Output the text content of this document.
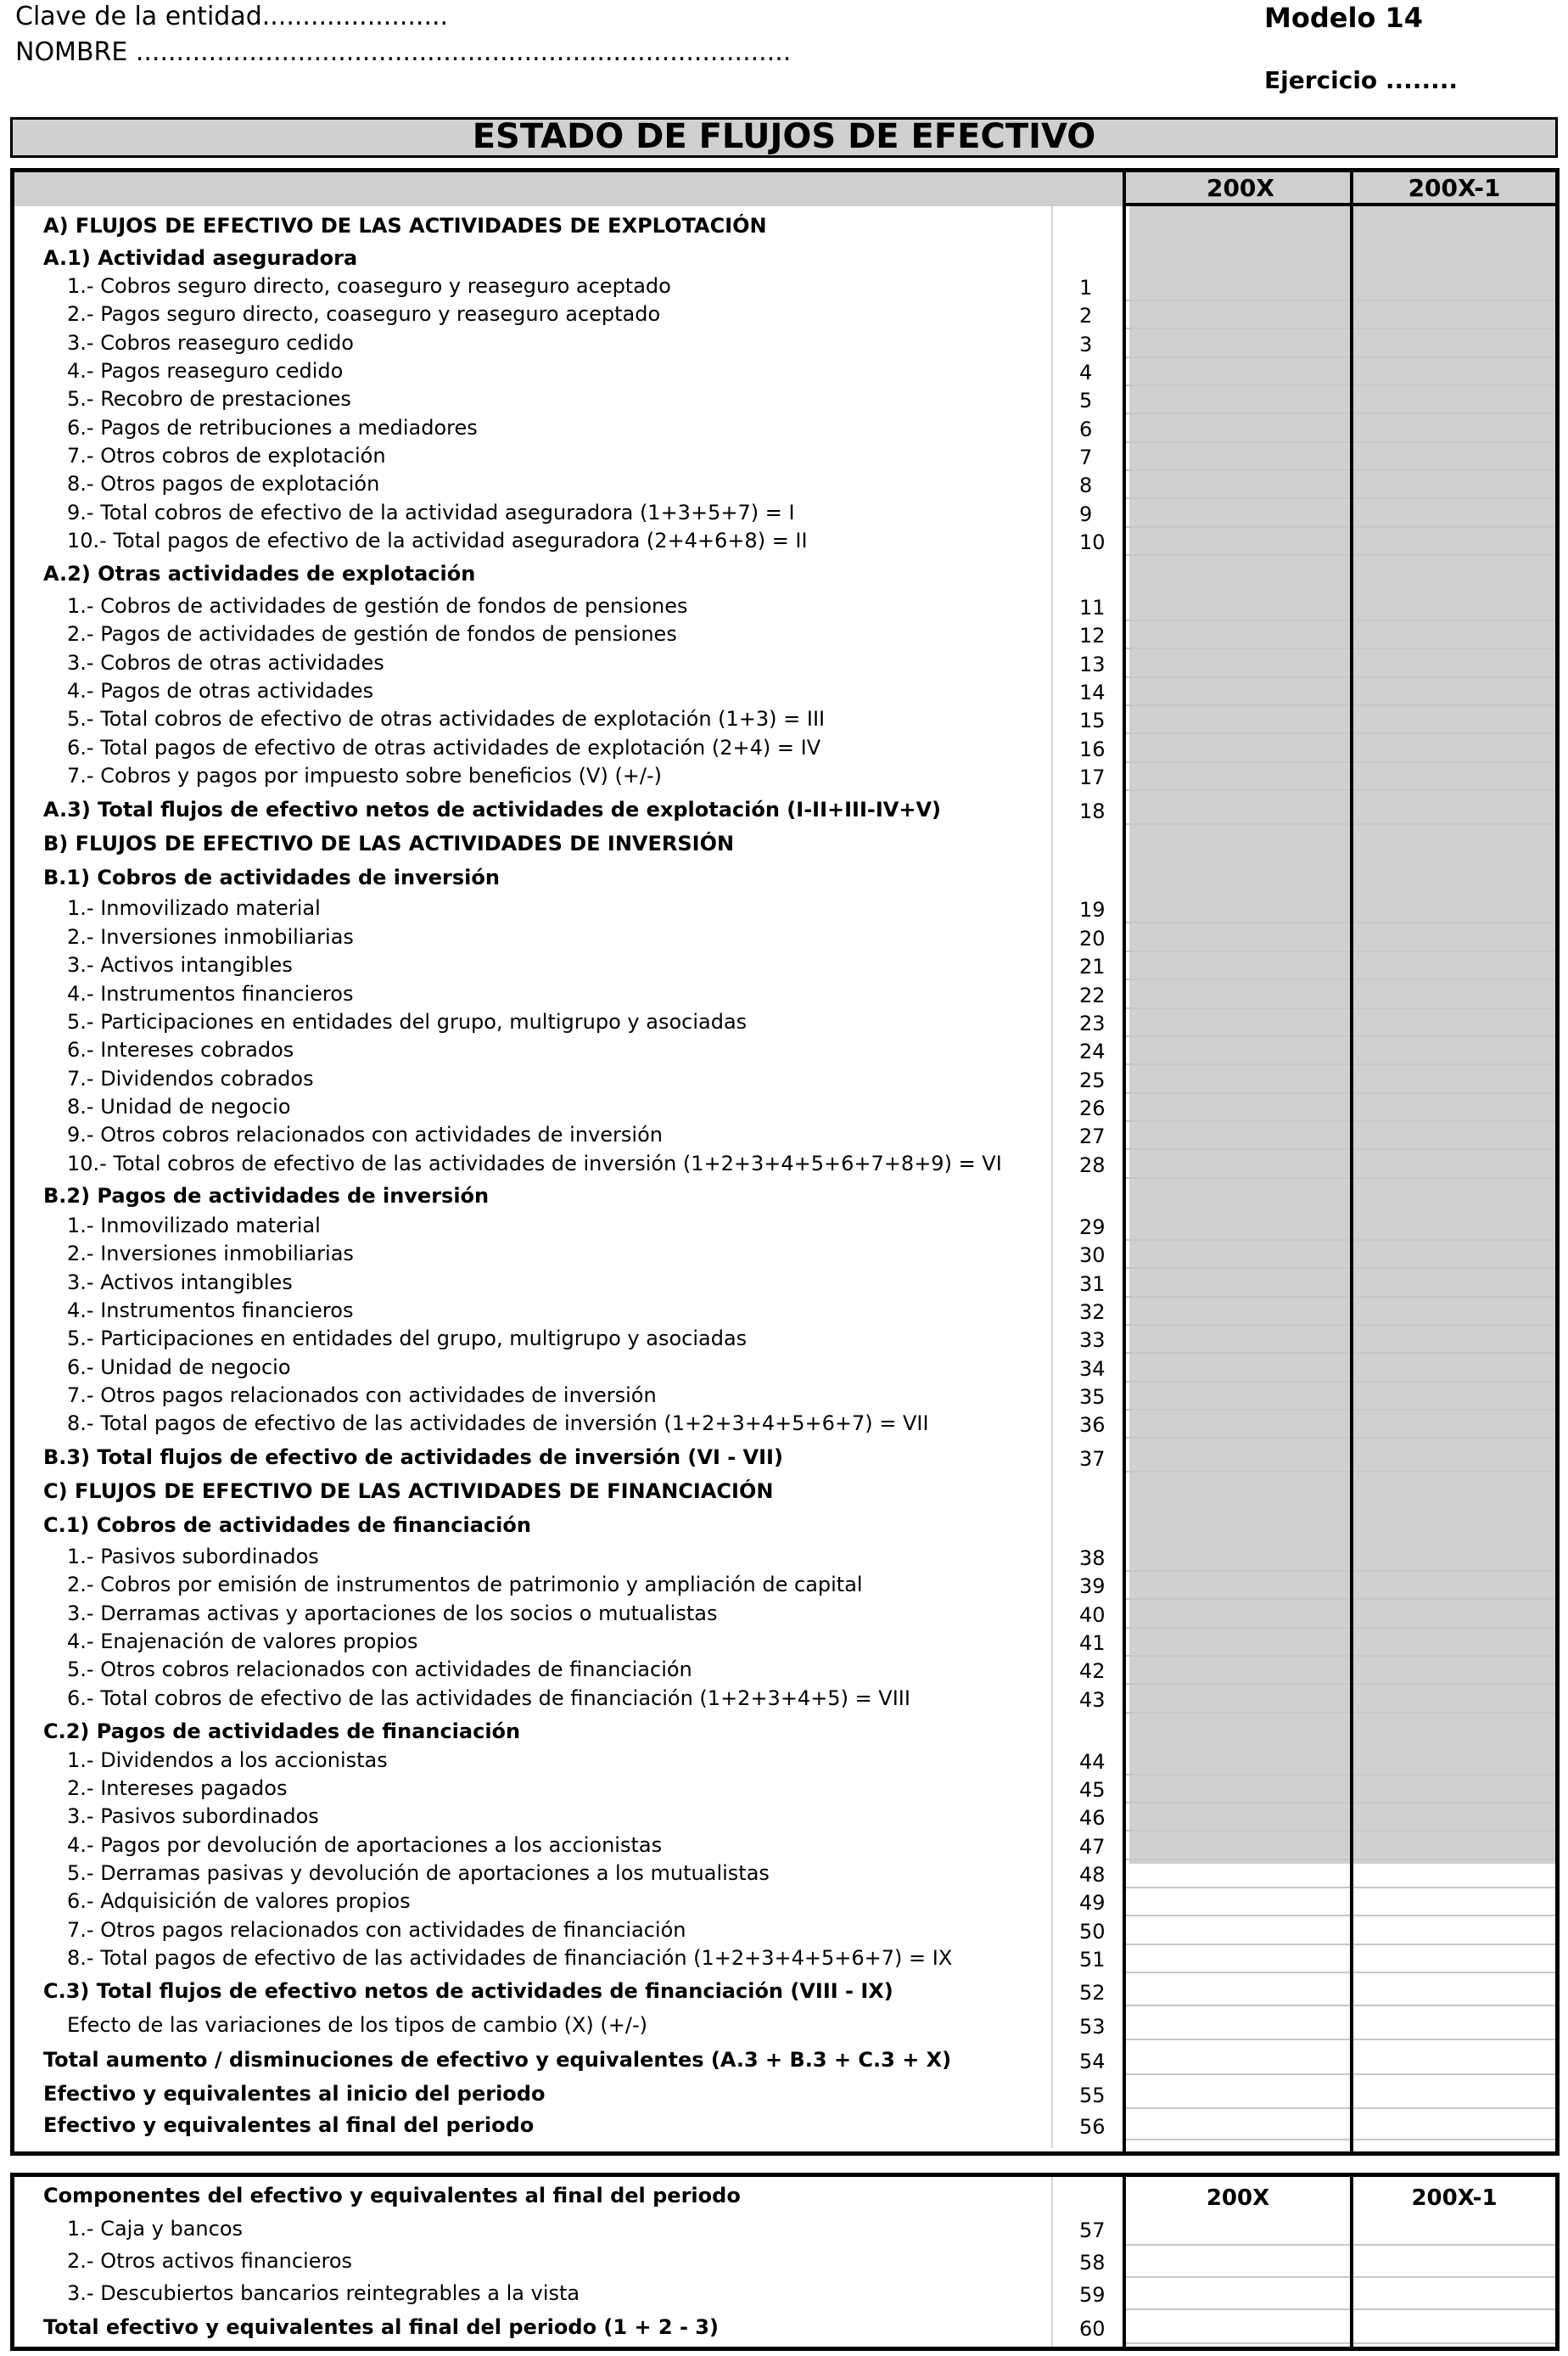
Clave de la entidad.......................
NOMBRE .................................................................................
Modelo 14
Ejercicio ........
ESTADO DE FLUJOS DE EFECTIVO
200X	200X-1
A) FLUJOS DE EFECTIVO DE LAS ACTIVIDADES DE EXPLOTACIÓN
A.1) Actividad aseguradora
1.- Cobros seguro directo, coaseguro y reaseguro aceptado	1
2.- Pagos seguro directo, coaseguro y reaseguro aceptado	2
3.- Cobros reaseguro cedido	3
4.- Pagos reaseguro cedido	4
5.- Recobro de prestaciones	5
6.- Pagos de retribuciones a mediadores	6
7.- Otros cobros de explotación	7
8.- Otros pagos de explotación	8
9.- Total cobros de efectivo de la actividad aseguradora (1+3+5+7) = I	9
10.- Total pagos de efectivo de la actividad aseguradora (2+4+6+8) = II	10
A.2) Otras actividades de explotación
1.- Cobros de actividades de gestión de fondos de pensiones	11
2.- Pagos de actividades de gestión de fondos de pensiones	12
3.- Cobros de otras actividades	13
4.- Pagos de otras actividades	14
5.- Total cobros de efectivo de otras actividades de explotación (1+3) = III	15
6.- Total pagos de efectivo de otras actividades de explotación (2+4) = IV	16
7.- Cobros y pagos por impuesto sobre beneficios (V) (+/-)	17
A.3) Total flujos de efectivo netos de actividades de explotación (I-II+III-IV+V)	18
B) FLUJOS DE EFECTIVO DE LAS ACTIVIDADES DE INVERSIÓN
B.1) Cobros de actividades de inversión
1.- Inmovilizado material	19
2.- Inversiones inmobiliarias	20
3.- Activos intangibles	21
4.- Instrumentos financieros	22
5.- Participaciones en entidades del grupo, multigrupo y asociadas	23
6.- Intereses cobrados	24
7.- Dividendos cobrados	25
8.- Unidad de negocio	26
9.- Otros cobros relacionados con actividades de inversión	27
10.- Total cobros de efectivo de las actividades de inversión (1+2+3+4+5+6+7+8+9) = VI	28
B.2) Pagos de actividades de inversión
1.- Inmovilizado material	29
2.- Inversiones inmobiliarias	30
3.- Activos intangibles	31
4.- Instrumentos financieros	32
5.- Participaciones en entidades del grupo, multigrupo y asociadas	33
6.- Unidad de negocio	34
7.- Otros pagos relacionados con actividades de inversión	35
8.- Total pagos de efectivo de las actividades de inversión (1+2+3+4+5+6+7) = VII	36
B.3) Total flujos de efectivo de actividades de inversión (VI - VII)	37
C) FLUJOS DE EFECTIVO DE LAS ACTIVIDADES DE FINANCIACIÓN
C.1) Cobros de actividades de financiación
1.- Pasivos subordinados	38
2.- Cobros por emisión de instrumentos de patrimonio y ampliación de capital	39
3.- Derramas activas y aportaciones de los socios o mutualistas	40
4.- Enajenación de valores propios	41
5.- Otros cobros relacionados con actividades de financiación	42
6.- Total cobros de efectivo de las actividades de financiación (1+2+3+4+5) = VIII	43
C.2) Pagos de actividades de financiación
1.- Dividendos a los accionistas	44
2.- Intereses pagados	45
3.- Pasivos subordinados	46
4.- Pagos por devolución de aportaciones a los accionistas	47
5.- Derramas pasivas y devolución de aportaciones a los mutualistas	48
6.- Adquisición de valores propios	49
7.- Otros pagos relacionados con actividades de financiación	50
8.- Total pagos de efectivo de las actividades de financiación (1+2+3+4+5+6+7) = IX	51
C.3) Total flujos de efectivo netos de actividades de financiación (VIII - IX)	52
Efecto de las variaciones de los tipos de cambio (X) (+/-)	53
Total aumento / disminuciones de efectivo y equivalentes (A.3 + B.3 + C.3 + X)	54
Efectivo y equivalentes al inicio del periodo	55
Efectivo y equivalentes al final del periodo	56
Componentes del efectivo y equivalentes al final del periodo	200X	200X-1
1.- Caja y bancos	57
2.- Otros activos financieros	58
3.- Descubiertos bancarios reintegrables a la vista	59
Total efectivo y equivalentes al final del periodo (1 + 2 - 3)	60
